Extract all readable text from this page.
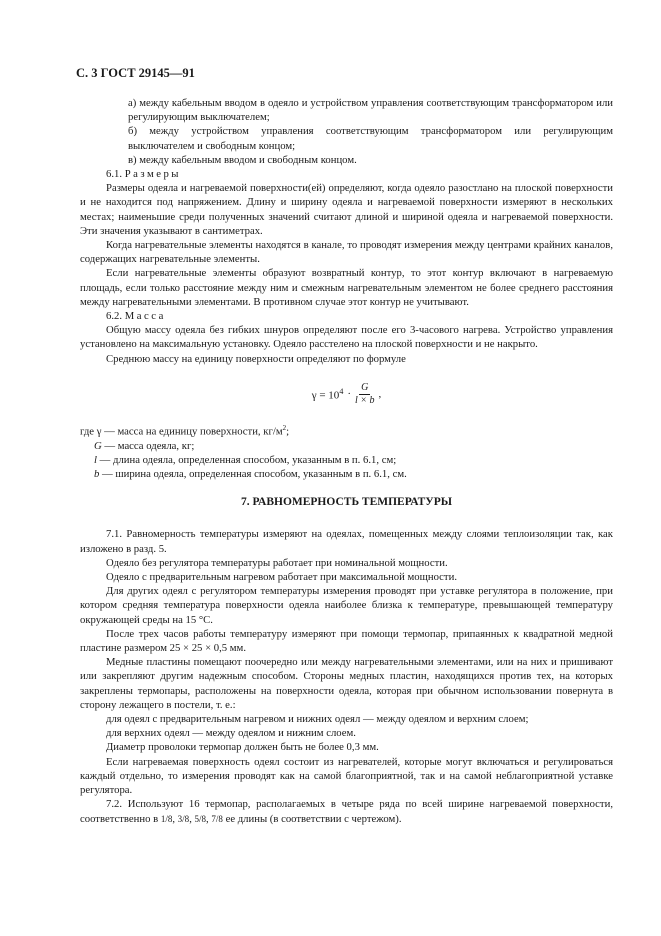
С. 3 ГОСТ 29145—91

а) между кабельным вводом в одеяло и устройством управления соответствующим трансформатором или регулирующим выключателем;

б) между устройством управления соответствующим трансформатором или регулирующим выключателем и свободным концом;

в) между кабельным вводом и свободным концом.

6.1. Размеры

Размеры одеяла и нагреваемой поверхности(ей) определяют, когда одеяло разостлано на плоской поверхности и не находится под напряжением. Длину и ширину одеяла и нагреваемой поверхности измеряют в нескольких местах; наименьшие среди полученных значений считают длиной и шириной одеяла и нагреваемой поверхности. Эти значения указывают в сантиметрах.

Когда нагревательные элементы находятся в канале, то проводят измерения между центрами крайних каналов, содержащих нагревательные элементы.

Если нагревательные элементы образуют возвратный контур, то этот контур включают в нагреваемую площадь, если только расстояние между ним и смежным нагревательным элементом не более среднего расстояния между нагревательными элементами. В противном случае этот контур не учитывают.

6.2. Масса

Общую массу одеяла без гибких шнуров определяют после его 3-часового нагрева. Устройство управления установлено на максимальную установку. Одеяло расстелено на плоской поверхности и не накрыто.

Среднюю массу на единицу поверхности определяют по формуле

$\gamma = 10^4 \cdot \frac{G}{l \times b}$ ,

где γ — масса на единицу поверхности, $кг/м^2$;

G — масса одеяла, кг;

l — длина одеяла, определенная способом, указанным в п. 6.1, см;

b — ширина одеяла, определенная способом, указанным в п. 6.1, см.

7. РАВНОМЕРНОСТЬ ТЕМПЕРАТУРЫ

7.1. Равномерность температуры измеряют на одеялах, помещенных между слоями теплоизоляции так, как изложено в разд. 5.

Одеяло без регулятора температуры работает при номинальной мощности.

Одеяло с предварительным нагревом работает при максимальной мощности.

Для других одеял с регулятором температуры измерения проводят при уставке регулятора в положение, при котором средняя температура поверхности одеяла наиболее близка к температуре, превышающей температуру окружающей среды на 15 °С.

После трех часов работы температуру измеряют при помощи термопар, припаянных к квадратной медной пластине размером 25 × 25 × 0,5 мм.

Медные пластины помещают поочередно или между нагревательными элементами, или на них и пришивают или закрепляют другим надежным способом. Стороны медных пластин, находящихся против тех, на которых закреплены термопары, расположены на поверхности одеяла, которая при обычном использовании повернута в сторону лежащего в постели, т. е.:

для одеял с предварительным нагревом и нижних одеял — между одеялом и верхним слоем;

для верхних одеял — между одеялом и нижним слоем.

Диаметр проволоки термопар должен быть не более 0,3 мм.

Если нагреваемая поверхность одеял состоит из нагревателей, которые могут включаться и регулироваться каждый отдельно, то измерения проводят как на самой благоприятной, так и на самой неблагоприятной уставке регулятора.

7.2. Используют 16 термопар, располагаемых в четыре ряда по всей ширине нагреваемой поверхности, соответственно в 1/8, 3/8, 5/8, 7/8 ее длины (в соответствии с чертежом).
